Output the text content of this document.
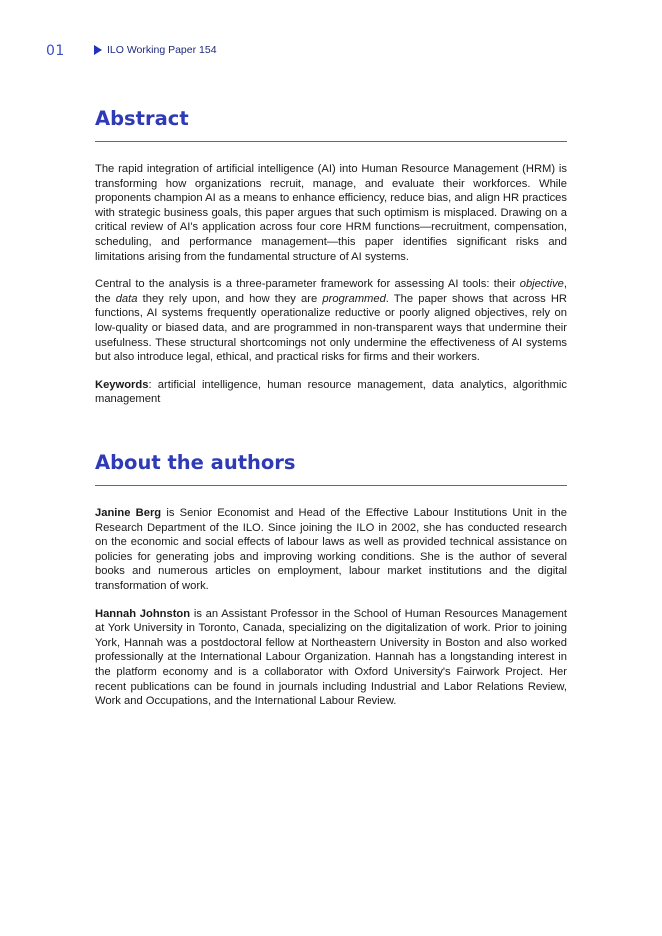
01	ILO Working Paper 154
Abstract

The rapid integration of artificial intelligence (AI) into Human Resource Management (HRM) is transforming how organizations recruit, manage, and evaluate their workforces. While proponents champion AI as a means to enhance efficiency, reduce bias, and align HR practices with strategic business goals, this paper argues that such optimism is misplaced. Drawing on a critical review of AI's application across four core HRM functions—recruitment, compensation, scheduling, and performance management—this paper identifies significant risks and limitations arising from the fundamental structure of AI systems.

Central to the analysis is a three-parameter framework for assessing AI tools: their objective, the data they rely upon, and how they are programmed. The paper shows that across HR functions, AI systems frequently operationalize reductive or poorly aligned objectives, rely on low-quality or biased data, and are programmed in non-transparent ways that undermine their usefulness. These structural shortcomings not only undermine the effectiveness of AI systems but also introduce legal, ethical, and practical risks for firms and their workers.

Keywords: artificial intelligence, human resource management, data analytics, algorithmic management

About the authors

Janine Berg is Senior Economist and Head of the Effective Labour Institutions Unit in the Research Department of the ILO. Since joining the ILO in 2002, she has conducted research on the economic and social effects of labour laws as well as provided technical assistance on policies for generating jobs and improving working conditions. She is the author of several books and numerous articles on employment, labour market institutions and the digital transformation of work.

Hannah Johnston is an Assistant Professor in the School of Human Resources Management at York University in Toronto, Canada, specializing on the digitalization of work. Prior to joining York, Hannah was a postdoctoral fellow at Northeastern University in Boston and also worked professionally at the International Labour Organization. Hannah has a longstanding interest in the platform economy and is a collaborator with Oxford University's Fairwork Project. Her recent publications can be found in journals including Industrial and Labor Relations Review, Work and Occupations, and the International Labour Review.
